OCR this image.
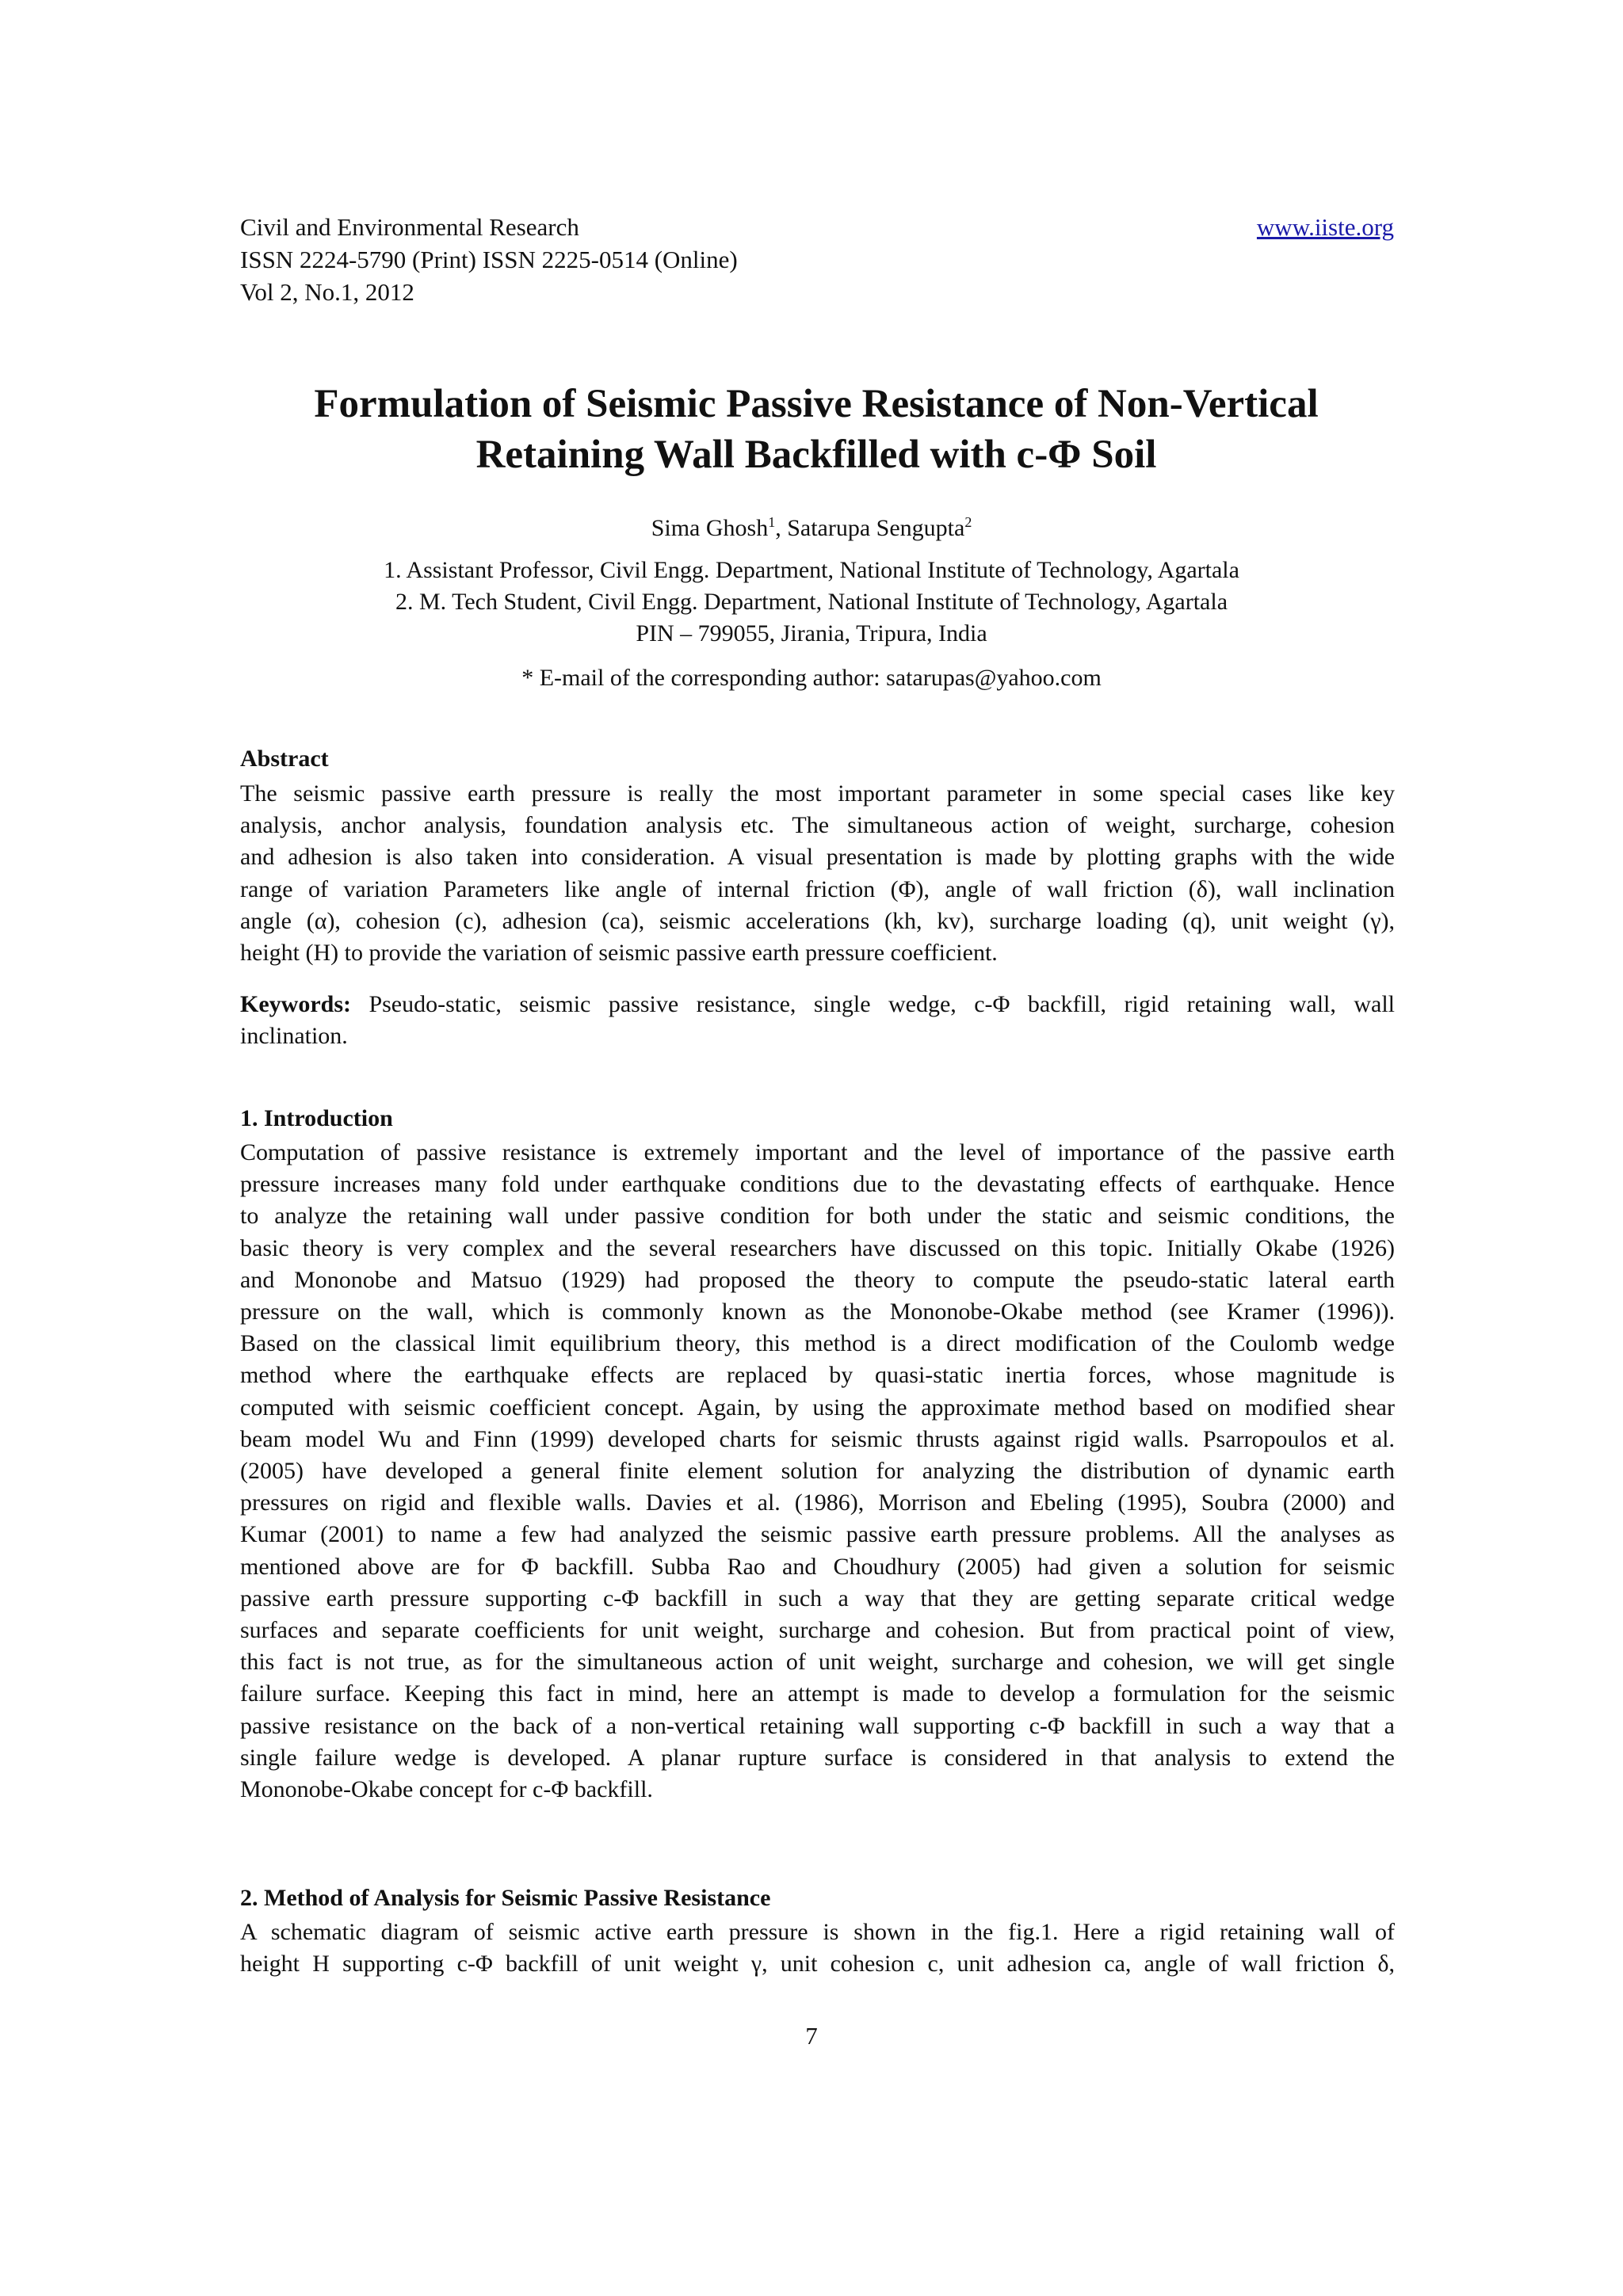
Civil and Environmental Research
ISSN 2224-5790 (Print) ISSN 2225-0514 (Online)
Vol 2, No.1, 2012
www.iiste.org
Formulation of Seismic Passive Resistance of Non-Vertical
Retaining Wall Backfilled with c-Φ Soil
Sima Ghosh$^1$, Satarupa Sengupta$^2$
1. Assistant Professor, Civil Engg. Department, National Institute of Technology, Agartala
2. M. Tech Student, Civil Engg. Department, National Institute of Technology, Agartala
PIN – 799055, Jirania, Tripura, India
* E-mail of the corresponding author: satarupas@yahoo.com
Abstract
The seismic passive earth pressure is really the most important parameter in some special cases like key
analysis, anchor analysis, foundation analysis etc. The simultaneous action of weight, surcharge, cohesion
and adhesion is also taken into consideration. A visual presentation is made by plotting graphs with the wide
range of variation Parameters like angle of internal friction (Φ), angle of wall friction (δ), wall inclination
angle (α), cohesion (c), adhesion (ca), seismic accelerations (kh, kv), surcharge loading (q), unit weight (γ),
height (H) to provide the variation of seismic passive earth pressure coefficient.
Keywords: Pseudo-static, seismic passive resistance, single wedge, c-Φ backfill, rigid retaining wall, wall
inclination.
1. Introduction
Computation of passive resistance is extremely important and the level of importance of the passive earth
pressure increases many fold under earthquake conditions due to the devastating effects of earthquake. Hence
to analyze the retaining wall under passive condition for both under the static and seismic conditions, the
basic theory is very complex and the several researchers have discussed on this topic. Initially Okabe (1926)
and Mononobe and Matsuo (1929) had proposed the theory to compute the pseudo-static lateral earth
pressure on the wall, which is commonly known as the Mononobe-Okabe method (see Kramer (1996)).
Based on the classical limit equilibrium theory, this method is a direct modification of the Coulomb wedge
method where the earthquake effects are replaced by quasi-static inertia forces, whose magnitude is
computed with seismic coefficient concept. Again, by using the approximate method based on modified shear
beam model Wu and Finn (1999) developed charts for seismic thrusts against rigid walls. Psarropoulos et al.
(2005) have developed a general finite element solution for analyzing the distribution of dynamic earth
pressures on rigid and flexible walls. Davies et al. (1986), Morrison and Ebeling (1995), Soubra (2000) and
Kumar (2001) to name a few had analyzed the seismic passive earth pressure problems. All the analyses as
mentioned above are for Φ backfill. Subba Rao and Choudhury (2005) had given a solution for seismic
passive earth pressure supporting c-Φ backfill in such a way that they are getting separate critical wedge
surfaces and separate coefficients for unit weight, surcharge and cohesion. But from practical point of view,
this fact is not true, as for the simultaneous action of unit weight, surcharge and cohesion, we will get single
failure surface. Keeping this fact in mind, here an attempt is made to develop a formulation for the seismic
passive resistance on the back of a non-vertical retaining wall supporting c-Φ backfill in such a way that a
single failure wedge is developed. A planar rupture surface is considered in that analysis to extend the
Mononobe-Okabe concept for c-Φ backfill.
2. Method of Analysis for Seismic Passive Resistance
A schematic diagram of seismic active earth pressure is shown in the fig.1. Here a rigid retaining wall of
height H supporting c-Φ backfill of unit weight γ, unit cohesion c, unit adhesion ca, angle of wall friction δ,
7
